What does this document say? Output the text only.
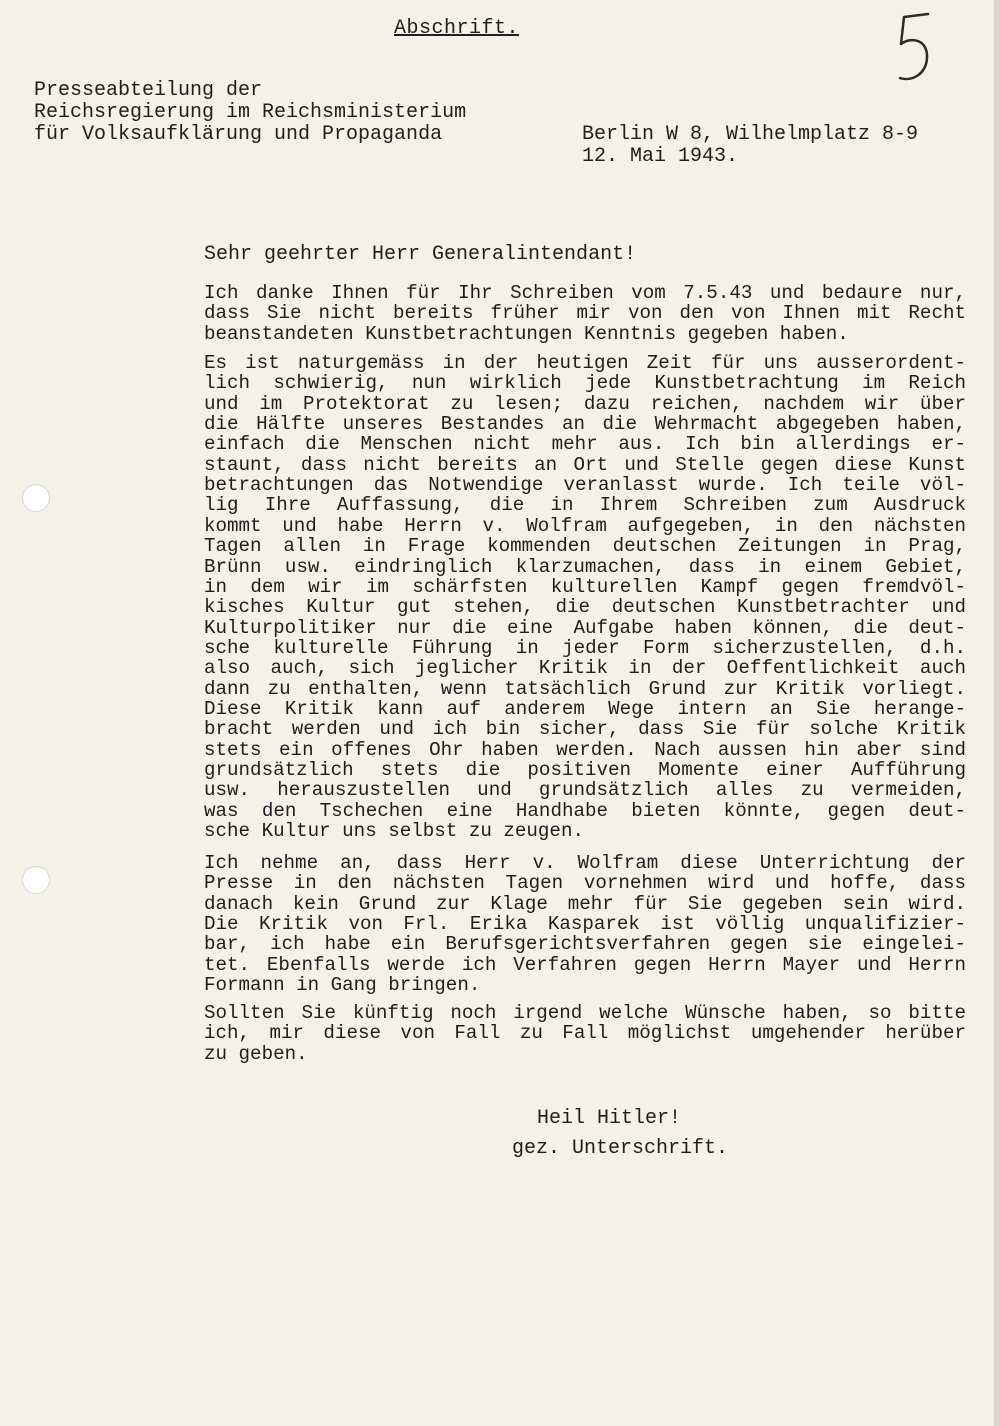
Abschrift.
Presseabteilung der
Reichsregierung im Reichsministerium
für Volksaufklärung und Propaganda	Berlin W 8, Wilhelmplatz 8-9
12. Mai 1943.
Sehr geehrter Herr Generalintendant!
Ich danke Ihnen für Ihr Schreiben vom 7.5.43 und bedaure nur,
dass Sie nicht bereits früher mir von den von Ihnen mit Recht
beanstandeten Kunstbetrachtungen Kenntnis gegeben haben.
Es ist naturgemäss in der heutigen Zeit für uns ausserordent-
lich schwierig, nun wirklich jede Kunstbetrachtung im Reich
und im Protektorat zu lesen; dazu reichen, nachdem wir über
die Hälfte unseres Bestandes an die Wehrmacht abgegeben haben,
einfach die Menschen nicht mehr aus. Ich bin allerdings er-
staunt, dass nicht bereits an Ort und Stelle gegen diese Kunst
betrachtungen das Notwendige veranlasst wurde. Ich teile völ-
lig Ihre Auffassung, die in Ihrem Schreiben zum Ausdruck
kommt und habe Herrn v. Wolfram aufgegeben, in den nächsten
Tagen allen in Frage kommenden deutschen Zeitungen in Prag,
Brünn usw. eindringlich klarzumachen, dass in einem Gebiet,
in dem wir im schärfsten kulturellen Kampf gegen fremdvöl-
kisches Kultur gut stehen, die deutschen Kunstbetrachter und
Kulturpolitiker nur die eine Aufgabe haben können, die deut-
sche kulturelle Führung in jeder Form sicherzustellen, d.h.
also auch, sich jeglicher Kritik in der Oeffentlichkeit auch
dann zu enthalten, wenn tatsächlich Grund zur Kritik vorliegt.
Diese Kritik kann auf anderem Wege intern an Sie herange-
bracht werden und ich bin sicher, dass Sie für solche Kritik
stets ein offenes Ohr haben werden. Nach aussen hin aber sind
grundsätzlich stets die positiven Momente einer Aufführung
usw. herauszustellen und grundsätzlich alles zu vermeiden,
was den Tschechen eine Handhabe bieten könnte, gegen deut-
sche Kultur uns selbst zu zeugen.
Ich nehme an, dass Herr v. Wolfram diese Unterrichtung der
Presse in den nächsten Tagen vornehmen wird und hoffe, dass
danach kein Grund zur Klage mehr für Sie gegeben sein wird.
Die Kritik von Frl. Erika Kasparek ist völlig unqualifizier-
bar, ich habe ein Berufsgerichtsverfahren gegen sie eingelei-
tet. Ebenfalls werde ich Verfahren gegen Herrn Mayer und Herrn
Formann in Gang bringen.
Sollten Sie künftig noch irgend welche Wünsche haben, so bitte
ich, mir diese von Fall zu Fall möglichst umgehender herüber
zu geben.
Heil Hitler!
gez. Unterschrift.
